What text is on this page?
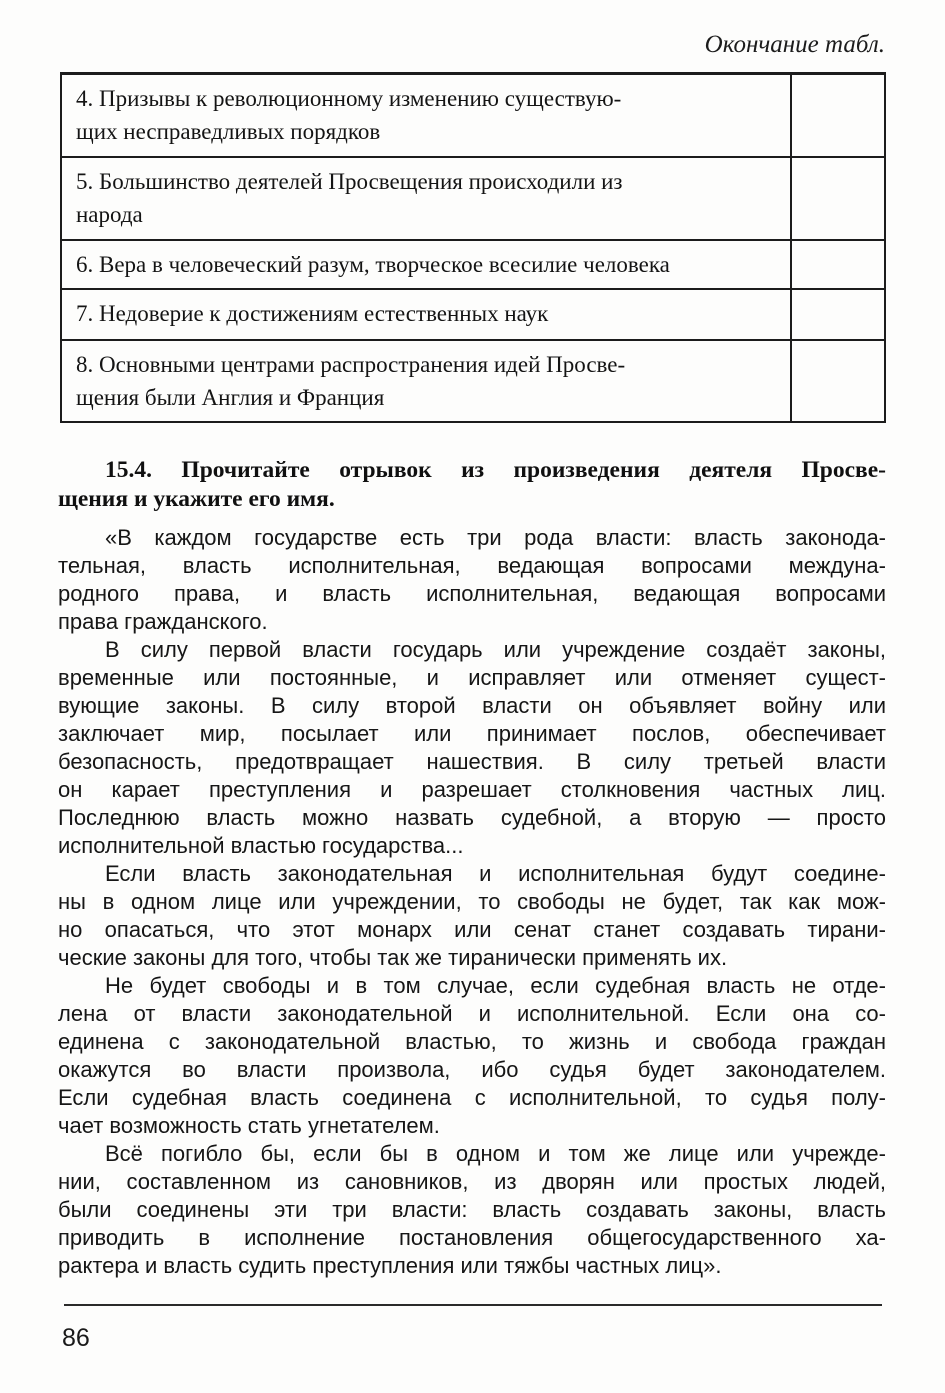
Окончание табл.
4. Призывы к революционному изменению существую-
щих несправедливых порядков
5. Большинство деятелей Просвещения происходили из
народа
6. Вера в человеческий разум, творческое всесилие человека
7. Недоверие к достижениям естественных наук
8. Основными центрами распространения идей Просве-
щения были Англия и Франция
15.4. Прочитайте отрывок из произведения деятеля Просве-
щения и укажите его имя.
«В каждом государстве есть три рода власти: власть законода-
тельная, власть исполнительная, ведающая вопросами междуна-
родного права, и власть исполнительная, ведающая вопросами
права гражданского.
В силу первой власти государь или учреждение создаёт законы,
временные или постоянные, и исправляет или отменяет сущест-
вующие законы. В силу второй власти он объявляет войну или
заключает мир, посылает или принимает послов, обеспечивает
безопасность, предотвращает нашествия. В силу третьей власти
он карает преступления и разрешает столкновения частных лиц.
Последнюю власть можно назвать судебной, а вторую — просто
исполнительной властью государства...
Если власть законодательная и исполнительная будут соедине-
ны в одном лице или учреждении, то свободы не будет, так как мож-
но опасаться, что этот монарх или сенат станет создавать тирани-
ческие законы для того, чтобы так же тиранически применять их.
Не будет свободы и в том случае, если судебная власть не отде-
лена от власти законодательной и исполнительной. Если она со-
единена с законодательной властью, то жизнь и свобода граждан
окажутся во власти произвола, ибо судья будет законодателем.
Если судебная власть соединена с исполнительной, то судья полу-
чает возможность стать угнетателем.
Всё погибло бы, если бы в одном и том же лице или учрежде-
нии, составленном из сановников, из дворян или простых людей,
были соединены эти три власти: власть создавать законы, власть
приводить в исполнение постановления общегосударственного ха-
рактера и власть судить преступления или тяжбы частных лиц».
86
